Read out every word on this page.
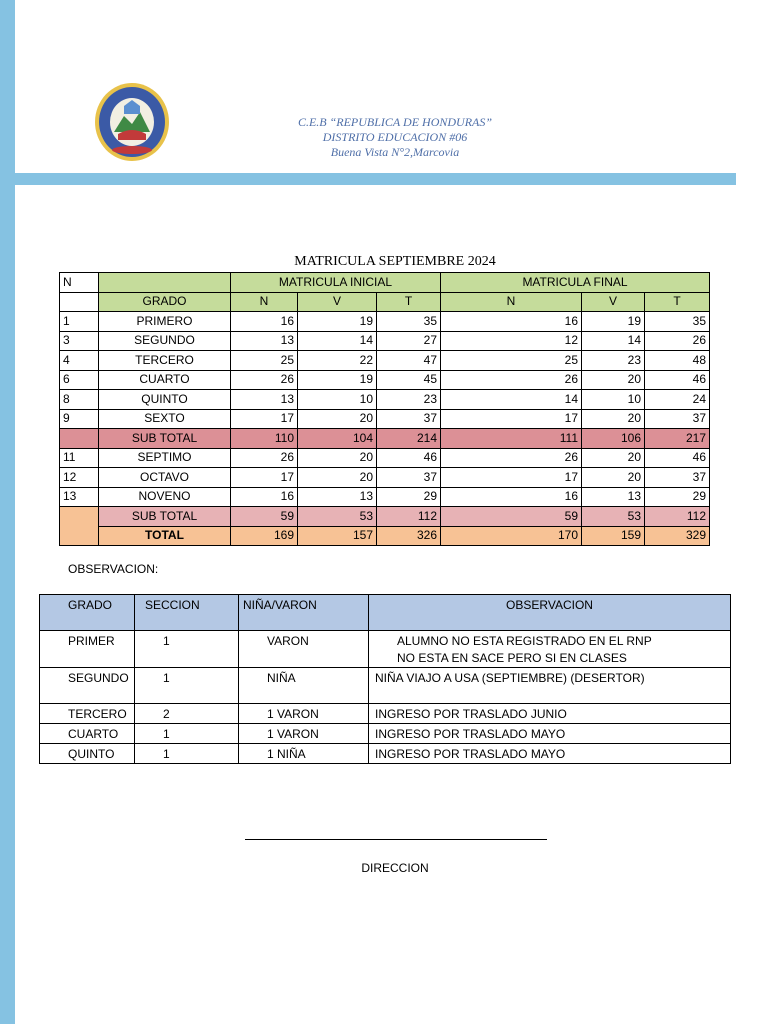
C.E.B “REPUBLICA DE HONDURAS”
DISTRITO EDUCACION #06
Buena Vista N°2,Marcovia
MATRICULA SEPTIEMBRE 2024
N		MATRICULA INICIAL			MATRICULA FINAL		
	GRADO	N	V	T	N	V	T
1	PRIMERO	16	19	35	16	19	35
3	SEGUNDO	13	14	27	12	14	26
4	TERCERO	25	22	47	25	23	48
6	CUARTO	26	19	45	26	20	46
8	QUINTO	13	10	23	14	10	24
9	SEXTO	17	20	37	17	20	37
	SUB TOTAL	110	104	214	111	106	217
11	SEPTIMO	26	20	46	26	20	46
12	OCTAVO	17	20	37	17	20	37
13	NOVENO	16	13	29	16	13	29
	SUB TOTAL	59	53	112	59	53	112
	TOTAL	169	157	326	170	159	329
OBSERVACION:
GRADO	SECCION	NIÑA/VARON	OBSERVACION
PRIMER	1	VARON	ALUMNO NO ESTA REGISTRADO EN EL RNP
NO ESTA EN SACE PERO SI EN CLASES

SEGUNDO	1	NIÑA	NIÑA VIAJO A USA (SEPTIEMBRE) (DESERTOR)
TERCERO	2	1 VARON	INGRESO POR TRASLADO JUNIO
CUARTO	1	1 VARON	INGRESO POR TRASLADO MAYO
QUINTO	1	1 NIÑA	INGRESO POR TRASLADO MAYO
DIRECCION
